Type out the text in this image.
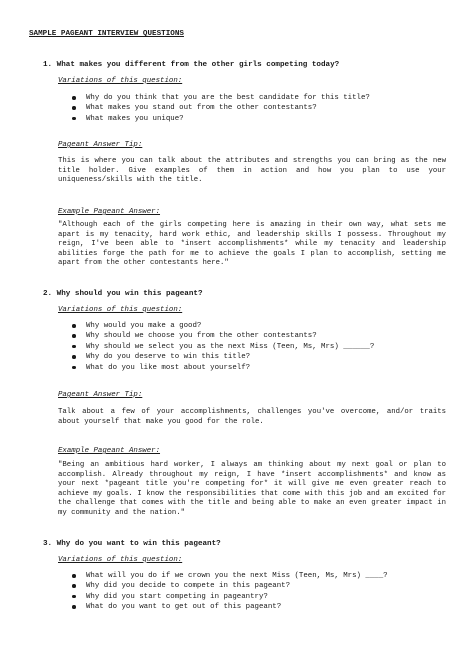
SAMPLE PAGEANT INTERVIEW QUESTIONS
1. What makes you different from the other girls competing today?
Variations of this question:
Why do you think that you are the best candidate for this title?
What makes you stand out from the other contestants?
What makes you unique?
Pageant Answer Tip:
This is where you can talk about the attributes and strengths you can bring as the new title holder. Give examples of them in action and how you plan to use your uniqueness/skills with the title.
Example Pageant Answer:
"Although each of the girls competing here is amazing in their own way, what sets me apart is my tenacity, hard work ethic, and leadership skills I possess. Throughout my reign, I've been able to *insert accomplishments* while my tenacity and leadership abilities forge the path for me to achieve the goals I plan to accomplish, setting me apart from the other contestants here."
2. Why should you win this pageant?
Variations of this question:
Why would you make a good?
Why should we choose you from the other contestants?
Why should we select you as the next Miss (Teen, Ms, Mrs) ______?
Why do you deserve to win this title?
What do you like most about yourself?
Pageant Answer Tip:
Talk about a few of your accomplishments, challenges you've overcome, and/or traits about yourself that make you good for the role.
Example Pageant Answer:
"Being an ambitious hard worker, I always am thinking about my next goal or plan to accomplish. Already throughout my reign, I have *insert accomplishments* and know as your next *pageant title you're competing for* it will give me even greater reach to achieve my goals. I know the responsibilities that come with this job and am excited for the challenge that comes with the title and being able to make an even greater impact in my community and the nation."
3. Why do you want to win this pageant?
Variations of this question:
What will you do if we crown you the next Miss (Teen, Ms, Mrs) ____?
Why did you decide to compete in this pageant?
Why did you start competing in pageantry?
What do you want to get out of this pageant?
